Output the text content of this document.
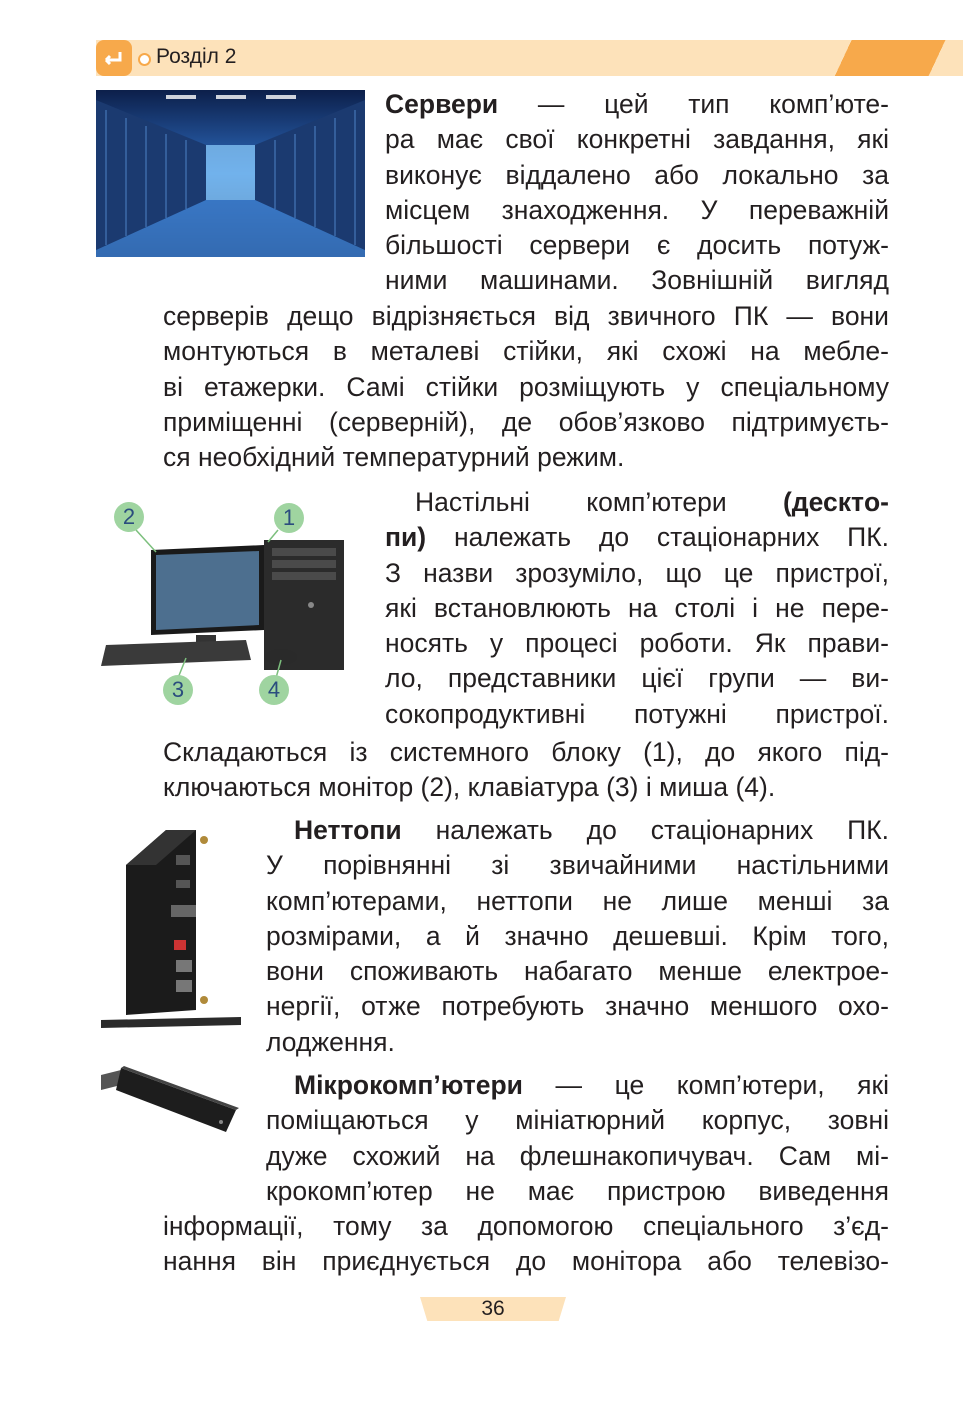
Розділ 2
Сервери — цей тип комп’юте-
ра має свої конкретні завдання, які
виконує віддалено або локально за
місцем знаходження. У переважній
більшості сервери є досить потуж-
ними машинами. Зовнішній вигляд
серверів дещо відрізняється від звичного ПК — вони
монтуються в металеві стійки, які схожі на мебле-
ві етажерки. Самі стійки розміщують у спеціальному
приміщенні (серверній), де обов’язково підтримуєть-
ся необхідний температурний режим.
2	1
3	4
Настільні комп’ютери (десктo-
пи) належать до стаціонарних ПК.
З назви зрозуміло, що це пристрої,
які встановлюють на столі і не пере-
носять у процесі роботи. Як прави-
ло, представники цієї групи — ви-
сокопродуктивні потужні пристрої.
Складаються із системного блоку (1), до якого під-
ключаються монітор (2), клавіатура (3) і миша (4).
Неттопи належать до стаціонарних ПК.
У порівнянні зі звичайними настільними
комп’ютерами, неттопи не лише менші за
розмірами, а й значно дешевші. Крім того,
вони споживають набагато менше електрое-
нергії, отже потребують значно меншого охо-
лодження.
Мікрокомп’ютери — це комп’ютери, які
поміщаються у мініатюрний корпус, зовні
дуже схожий на флешнакопичувач. Сам мі-
крокомп’ютер не має пристрою виведення
інформації, тому за допомогою спеціального з’єд-
нання він приєднується до монітора або телевізо-
36
